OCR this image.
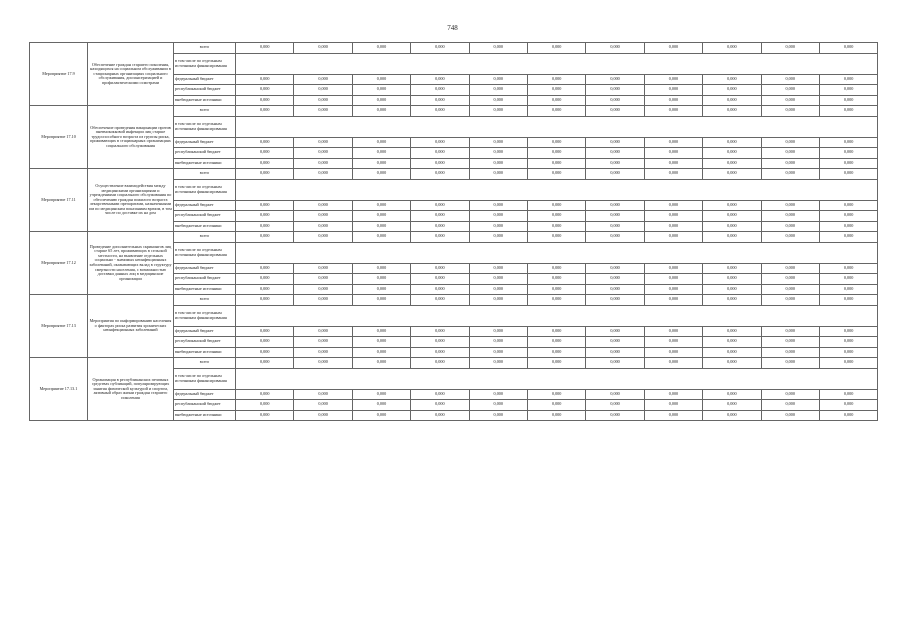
748
Мероприятие 17.9	Обеспечение граждан старшего поколения, находящихся на социальном обслуживании в стационарных организациях социального обслуживания, диспансеризацией и профилактическими осмотрами	всего	0,000	0,000	0,000	0,000	0,000	0,000	0,000	0,000	0,000	0,000	0,000
		в том числе по отдельным источникам финансирования											
		федеральный бюджет	0,000	0,000	0,000	0,000	0,000	0,000	0,000	0,000	0,000	0,000	0,000
		республиканский бюджет	0,000	0,000	0,000	0,000	0,000	0,000	0,000	0,000	0,000	0,000	0,000
		внебюджетные источники	0,000	0,000	0,000	0,000	0,000	0,000	0,000	0,000	0,000	0,000	0,000
Мероприятие 17.10	Обеспечение проведения вакцинации против пневмококковой инфекции лиц старше трудоспособного возраста из группы риска, проживающих в стационарных организациях социального обслуживания	всего	0,000	0,000	0,000	0,000	0,000	0,000	0,000	0,000	0,000	0,000	0,000
		в том числе по отдельным источникам финансирования											
		федеральный бюджет	0,000	0,000	0,000	0,000	0,000	0,000	0,000	0,000	0,000	0,000	0,000
		республиканский бюджет	0,000	0,000	0,000	0,000	0,000	0,000	0,000	0,000	0,000	0,000	0,000
		внебюджетные источники	0,000	0,000	0,000	0,000	0,000	0,000	0,000	0,000	0,000	0,000	0,000
Мероприятие 17.11	Осуществление взаимодействия между медицинскими организациями и учреждениями социального обслуживания по обеспечению граждан пожилого возраста лекарственными препаратами, назначенными им по медицинским показаниям врачом, в том числе по доставке их на дом	всего	0,000	0,000	0,000	0,000	0,000	0,000	0,000	0,000	0,000	0,000	0,000
		в том числе по отдельным источникам финансирования											
		федеральный бюджет	0,000	0,000	0,000	0,000	0,000	0,000	0,000	0,000	0,000	0,000	0,000
		республиканский бюджет	0,000	0,000	0,000	0,000	0,000	0,000	0,000	0,000	0,000	0,000	0,000
		внебюджетные источники	0,000	0,000	0,000	0,000	0,000	0,000	0,000	0,000	0,000	0,000	0,000
Мероприятие 17.12	Проведение дополнительных скринингов лиц старше 65 лет, проживающих в сельской местности, на выявление отдельных социально - значимых неинфекционных заболеваний, оказывающих вклад в структуру смертности населения, с возможностью доставки данных лиц в медицинские организации	всего	0,000	0,000	0,000	0,000	0,000	0,000	0,000	0,000	0,000	0,000	0,000
		в том числе по отдельным источникам финансирования											
		федеральный бюджет	0,000	0,000	0,000	0,000	0,000	0,000	0,000	0,000	0,000	0,000	0,000
		республиканский бюджет	0,000	0,000	0,000	0,000	0,000	0,000	0,000	0,000	0,000	0,000	0,000
		внебюджетные источники	0,000	0,000	0,000	0,000	0,000	0,000	0,000	0,000	0,000	0,000	0,000
Мероприятие 17.13	Мероприятия по информированию населения о факторах риска развития хронических неинфекционных заболеваний	всего	0,000	0,000	0,000	0,000	0,000	0,000	0,000	0,000	0,000	0,000	0,000
		в том числе по отдельным источникам финансирования											
		федеральный бюджет	0,000	0,000	0,000	0,000	0,000	0,000	0,000	0,000	0,000	0,000	0,000
		республиканский бюджет	0,000	0,000	0,000	0,000	0,000	0,000	0,000	0,000	0,000	0,000	0,000
		внебюджетные источники	0,000	0,000	0,000	0,000	0,000	0,000	0,000	0,000	0,000	0,000	0,000
Мероприятие 17.13.1	Организация в республиканских печатных средствах публикаций, популяризирующих занятия физической культурой и спортом, активный образ жизни граждан старшего поколения	всего	0,000	0,000	0,000	0,000	0,000	0,000	0,000	0,000	0,000	0,000	0,000
		в том числе по отдельным источникам финансирования											
		федеральный бюджет	0,000	0,000	0,000	0,000	0,000	0,000	0,000	0,000	0,000	0,000	0,000
		республиканский бюджет	0,000	0,000	0,000	0,000	0,000	0,000	0,000	0,000	0,000	0,000	0,000
		внебюджетные источники	0,000	0,000	0,000	0,000	0,000	0,000	0,000	0,000	0,000	0,000	0,000
